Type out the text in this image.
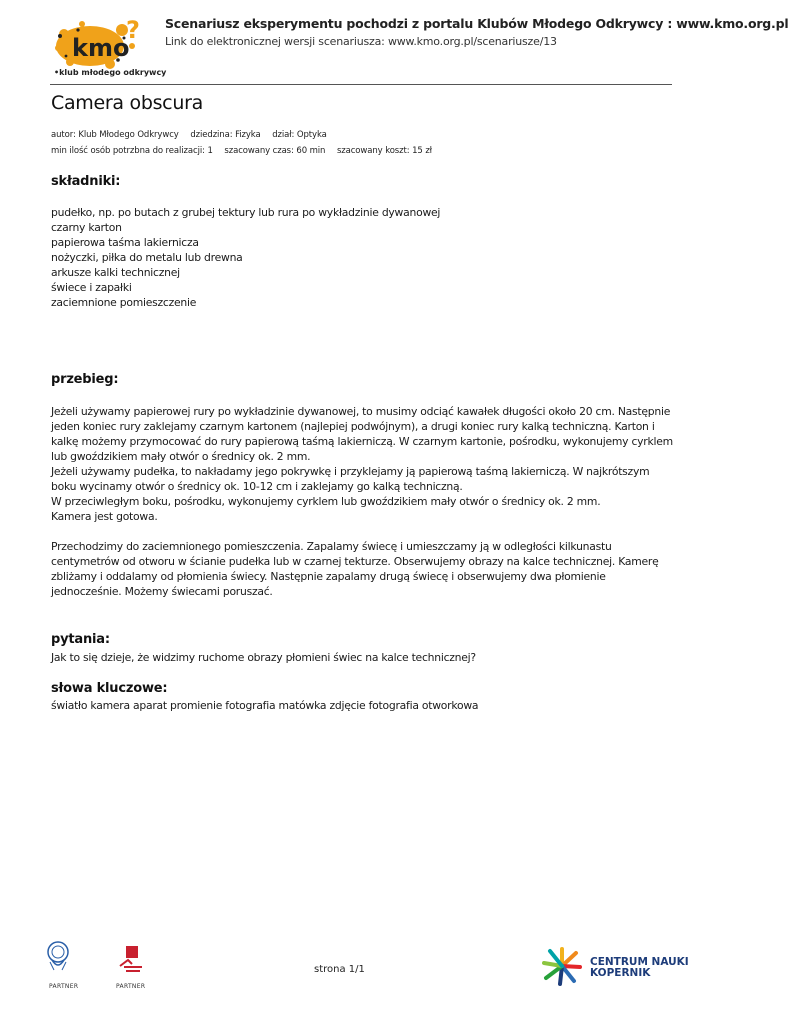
kmo
?
•klub młodego odkrywcy
Scenariusz eksperymentu pochodzi z portalu Klubów Młodego Odkrywcy : www.kmo.org.pl
Link do elektronicznej wersji scenariusza: www.kmo.org.pl/scenariusze/13
Camera obscura
autor: Klub Młodego Odkrywcy dziedzina: Fizyka dział: Optyka
min ilość osób potrzbna do realizacji: 1 szacowany czas: 60 min szacowany koszt: 15 zł
składniki:
pudełko, np. po butach z grubej tektury lub rura po wykładzinie dywanowej
czarny karton
papierowa taśma lakiernicza
nożyczki, piłka do metalu lub drewna
arkusze kalki technicznej
świece i zapałki
zaciemnione pomieszczenie
przebieg:
Jeżeli używamy papierowej rury po wykładzinie dywanowej, to musimy odciąć kawałek długości około 20 cm. Następnie jeden koniec rury zaklejamy czarnym kartonem (najlepiej podwójnym), a drugi koniec rury kalką techniczną. Karton i kalkę możemy przymocować do rury papierową taśmą lakierniczą. W czarnym kartonie, pośrodku, wykonujemy cyrklem lub gwoździkiem mały otwór o średnicy ok. 2 mm.
Jeżeli używamy pudełka, to nakładamy jego pokrywkę i przyklejamy ją papierową taśmą lakierniczą. W najkrótszym boku wycinamy otwór o średnicy ok. 10-12 cm i zaklejamy go kalką techniczną.
W przeciwległym boku, pośrodku, wykonujemy cyrklem lub gwoździkiem mały otwór o średnicy ok. 2 mm.
Kamera jest gotowa.
Przechodzimy do zaciemnionego pomieszczenia. Zapalamy świecę i umieszczamy ją w odległości kilkunastu centymetrów od otworu w ścianie pudełka lub w czarnej tekturze. Obserwujemy obrazy na kalce technicznej. Kamerę zbliżamy i oddalamy od płomienia świecy. Następnie zapalamy drugą świecę i obserwujemy dwa płomienie jednocześnie. Możemy świecami poruszać.
pytania:
Jak to się dzieje, że widzimy ruchome obrazy płomieni świec na kalce technicznej?
słowa kluczowe:
światło kamera aparat promienie fotografia matówka zdjęcie fotografia otworkowa
PARTNER	PARTNER
strona 1/1
CENTRUM NAUKI
KOPERNIK
